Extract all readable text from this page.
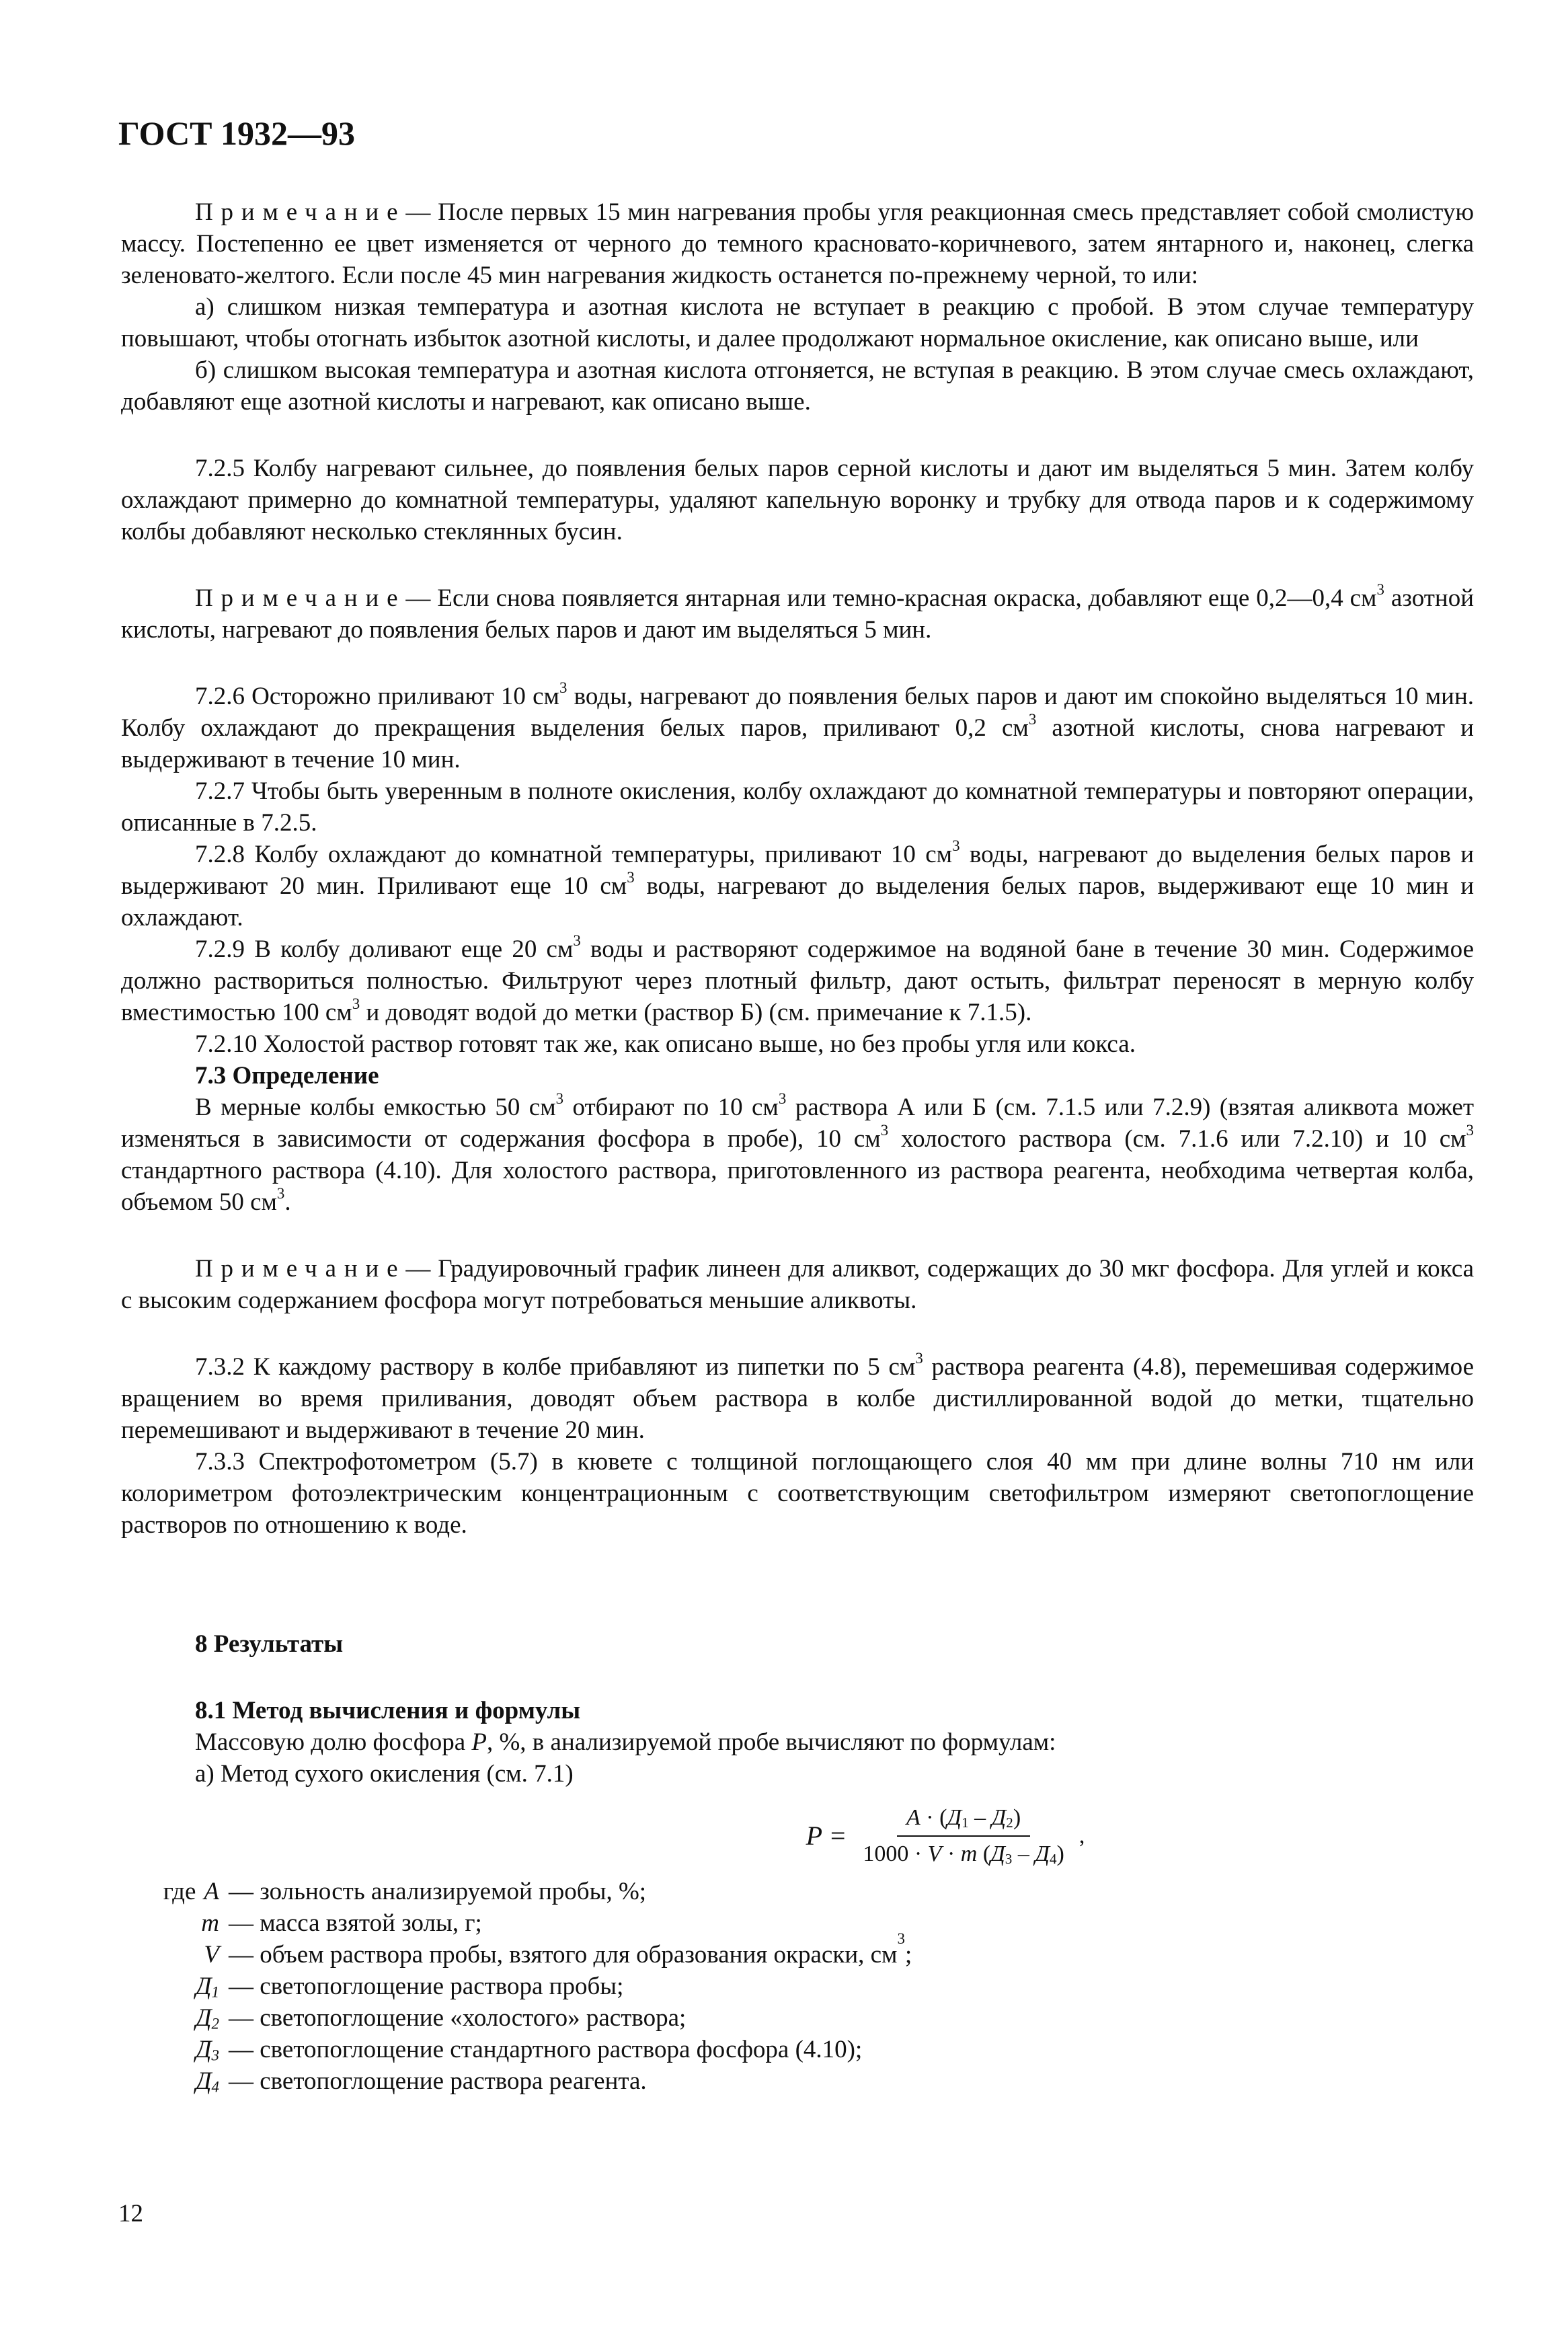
ГОСТ 1932—93

Примечание— После первых 15 мин нагревания пробы угля реакционная смесь представляет собой смолистую массу. Постепенно ее цвет изменяется от черного до темного красновато-коричневого, затем янтарного и, наконец, слегка зеленовато-желтого. Если после 45 мин нагревания жидкость останется по-прежнему черной, то или:

а) слишком низкая температура и азотная кислота не вступает в реакцию с пробой. В этом случае температуру повышают, чтобы отогнать избыток азотной кислоты, и далее продолжают нормальное окисление, как описано выше, или

б) слишком высокая температура и азотная кислота отгоняется, не вступая в реакцию. В этом случае смесь охлаждают, добавляют еще азотной кислоты и нагревают, как описано выше.

7.2.5 Колбу нагревают сильнее, до появления белых паров серной кислоты и дают им выделяться 5 мин. Затем колбу охлаждают примерно до комнатной температуры, удаляют капельную воронку и трубку для отвода паров и к содержимому колбы добавляют несколько стеклянных бусин.

Примечание— Если снова появляется янтарная или темно-красная окраска, добавляют еще 0,2—0,4 $см^3$ азотной кислоты, нагревают до появления белых паров и дают им выделяться 5 мин.

7.2.6 Осторожно приливают 10 $см^3$ воды, нагревают до появления белых паров и дают им спокойно выделяться 10 мин. Колбу охлаждают до прекращения выделения белых паров, приливают 0,2 $см^3$ азотной кислоты, снова нагревают и выдерживают в течение 10 мин.

7.2.7 Чтобы быть уверенным в полноте окисления, колбу охлаждают до комнатной температуры и повторяют операции, описанные в 7.2.5.

7.2.8 Колбу охлаждают до комнатной температуры, приливают 10 $см^3$ воды, нагревают до выделения белых паров и выдерживают 20 мин. Приливают еще 10 $см^3$ воды, нагревают до выделения белых паров, выдерживают еще 10 мин и охлаждают.

7.2.9 В колбу доливают еще 20 $см^3$ воды и растворяют содержимое на водяной бане в течение 30 мин. Содержимое должно раствориться полностью. Фильтруют через плотный фильтр, дают остыть, фильтрат переносят в мерную колбу вместимостью 100 $см^3$ и доводят водой до метки (раствор Б) (см. примечание к 7.1.5).

7.2.10 Холостой раствор готовят так же, как описано выше, но без пробы угля или кокса.

7.3 Определение

В мерные колбы емкостью 50 $см^3$ отбирают по 10 $см^3$ раствора А или Б (см. 7.1.5 или 7.2.9) (взятая аликвота может изменяться в зависимости от содержания фосфора в пробе), 10 $см^3$ холостого раствора (см. 7.1.6 или 7.2.10) и 10 $см^3$ стандартного раствора (4.10). Для холостого раствора, приготовленного из раствора реагента, необходима четвертая колба, объемом 50 $см^3$.

Примечание— Градуировочный график линеен для аликвот, содержащих до 30 мкг фосфора. Для углей и кокса с высоким содержанием фосфора могут потребоваться меньшие аликвоты.

7.3.2 К каждому раствору в колбе прибавляют из пипетки по 5 $см^3$ раствора реагента (4.8), перемешивая содержимое вращением во время приливания, доводят объем раствора в колбе дистиллированной водой до метки, тщательно перемешивают и выдерживают в течение 20 мин.

7.3.3 Спектрофотометром (5.7) в кювете с толщиной поглощающего слоя 40 мм при длине волны 710 нм или колориметром фотоэлектрическим концентрационным с соответствующим светофильтром измеряют светопоглощение растворов по отношению к воде.

8 Результаты

8.1 Метод вычисления и формулы

Массовую долю фосфора P, %, в анализируемой пробе вычисляют по формулам:

а) Метод сухого окисления (см. 7.1)

$P = \frac{A \cdot (Д_1 - Д_2)}{1000 \cdot V \cdot m (Д_3 - Д_4)}$ ,
где A —
зольность анализируемой пробы, %;
m —
масса взятой золы, г;
V —
объем раствора пробы, взятого для образования окраски, см
3
;
$Д_1$ —
светопоглощение раствора пробы;
$Д_2$ —
светопоглощение «холостого» раствора;
$Д_3$ —
светопоглощение стандартного раствора фосфора (4.10);
$Д_4$ —
светопоглощение раствора реагента.
12
